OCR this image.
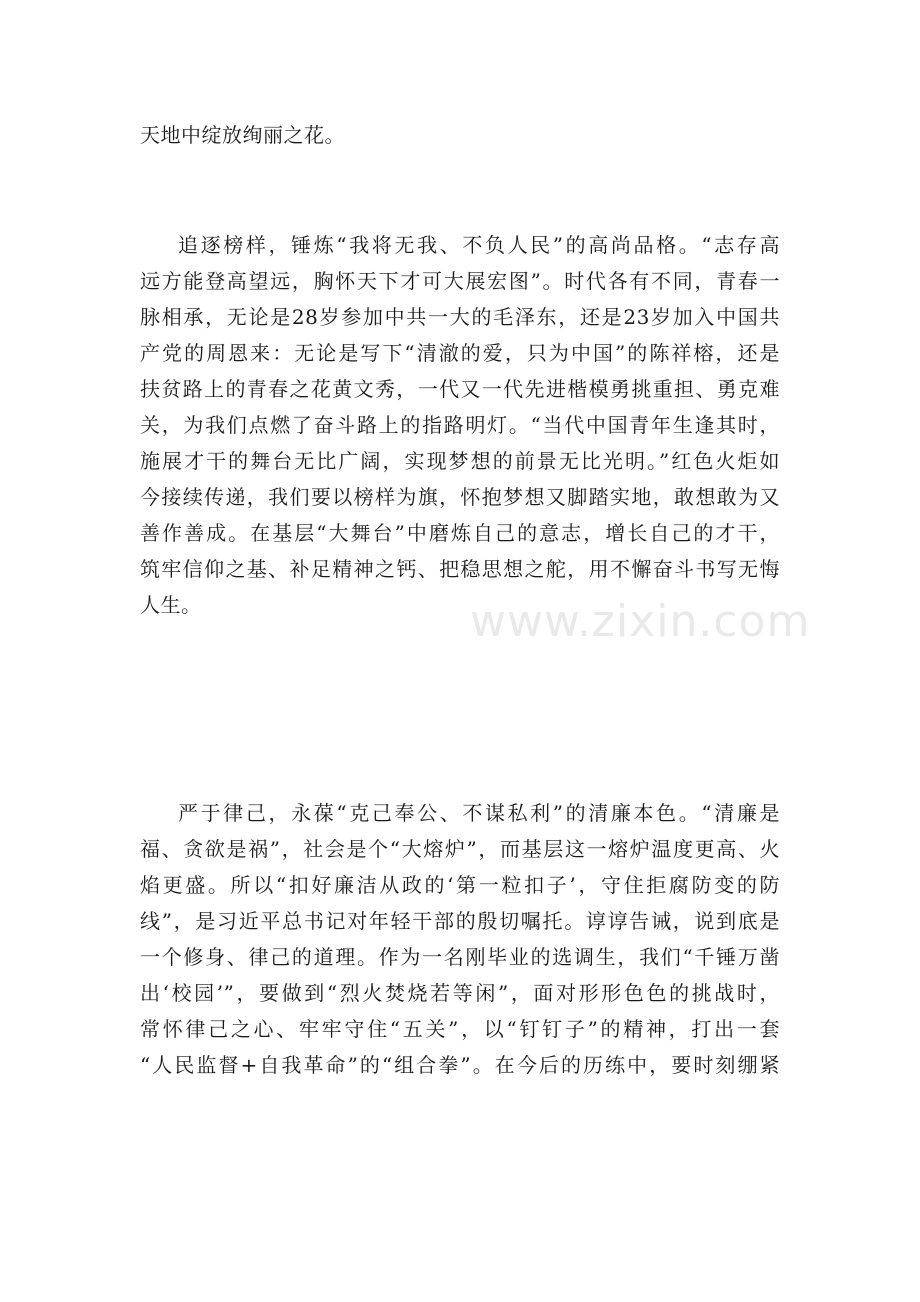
天地中绽放绚丽之花。
追逐榜样，锤炼“我将无我、不负人民”的高尚品格。“志存高
远方能登高望远，胸怀天下才可大展宏图”。时代各有不同，青春一
脉相承，无论是28岁参加中共一大的毛泽东，还是23岁加入中国共
产党的周恩来：无论是写下“清澈的爱，只为中国”的陈祥榕，还是
扶贫路上的青春之花黄文秀，一代又一代先进楷模勇挑重担、勇克难
关，为我们点燃了奋斗路上的指路明灯。“当代中国青年生逢其时，
施展才干的舞台无比广阔，实现梦想的前景无比光明。”红色火炬如
今接续传递，我们要以榜样为旗，怀抱梦想又脚踏实地，敢想敢为又
善作善成。在基层“大舞台”中磨炼自己的意志，增长自己的才干，
筑牢信仰之基、补足精神之钙、把稳思想之舵，用不懈奋斗书写无悔
人生。
严于律己，永葆“克己奉公、不谋私利”的清廉本色。“清廉是
福、贪欲是祸”，社会是个“大熔炉”，而基层这一熔炉温度更高、火
焰更盛。所以“扣好廉洁从政的‘第一粒扣子’，守住拒腐防变的防
线”，是习近平总书记对年轻干部的殷切嘱托。谆谆告诫，说到底是
一个修身、律己的道理。作为一名刚毕业的选调生，我们“千锤万凿
出‘校园’”，要做到“烈火焚烧若等闲”，面对形形色色的挑战时，
常怀律己之心、牢牢守住“五关”，以“钉钉子”的精神，打出一套
“人民监督+自我革命”的“组合拳”。在今后的历练中，要时刻绷紧
www.zixin.com
